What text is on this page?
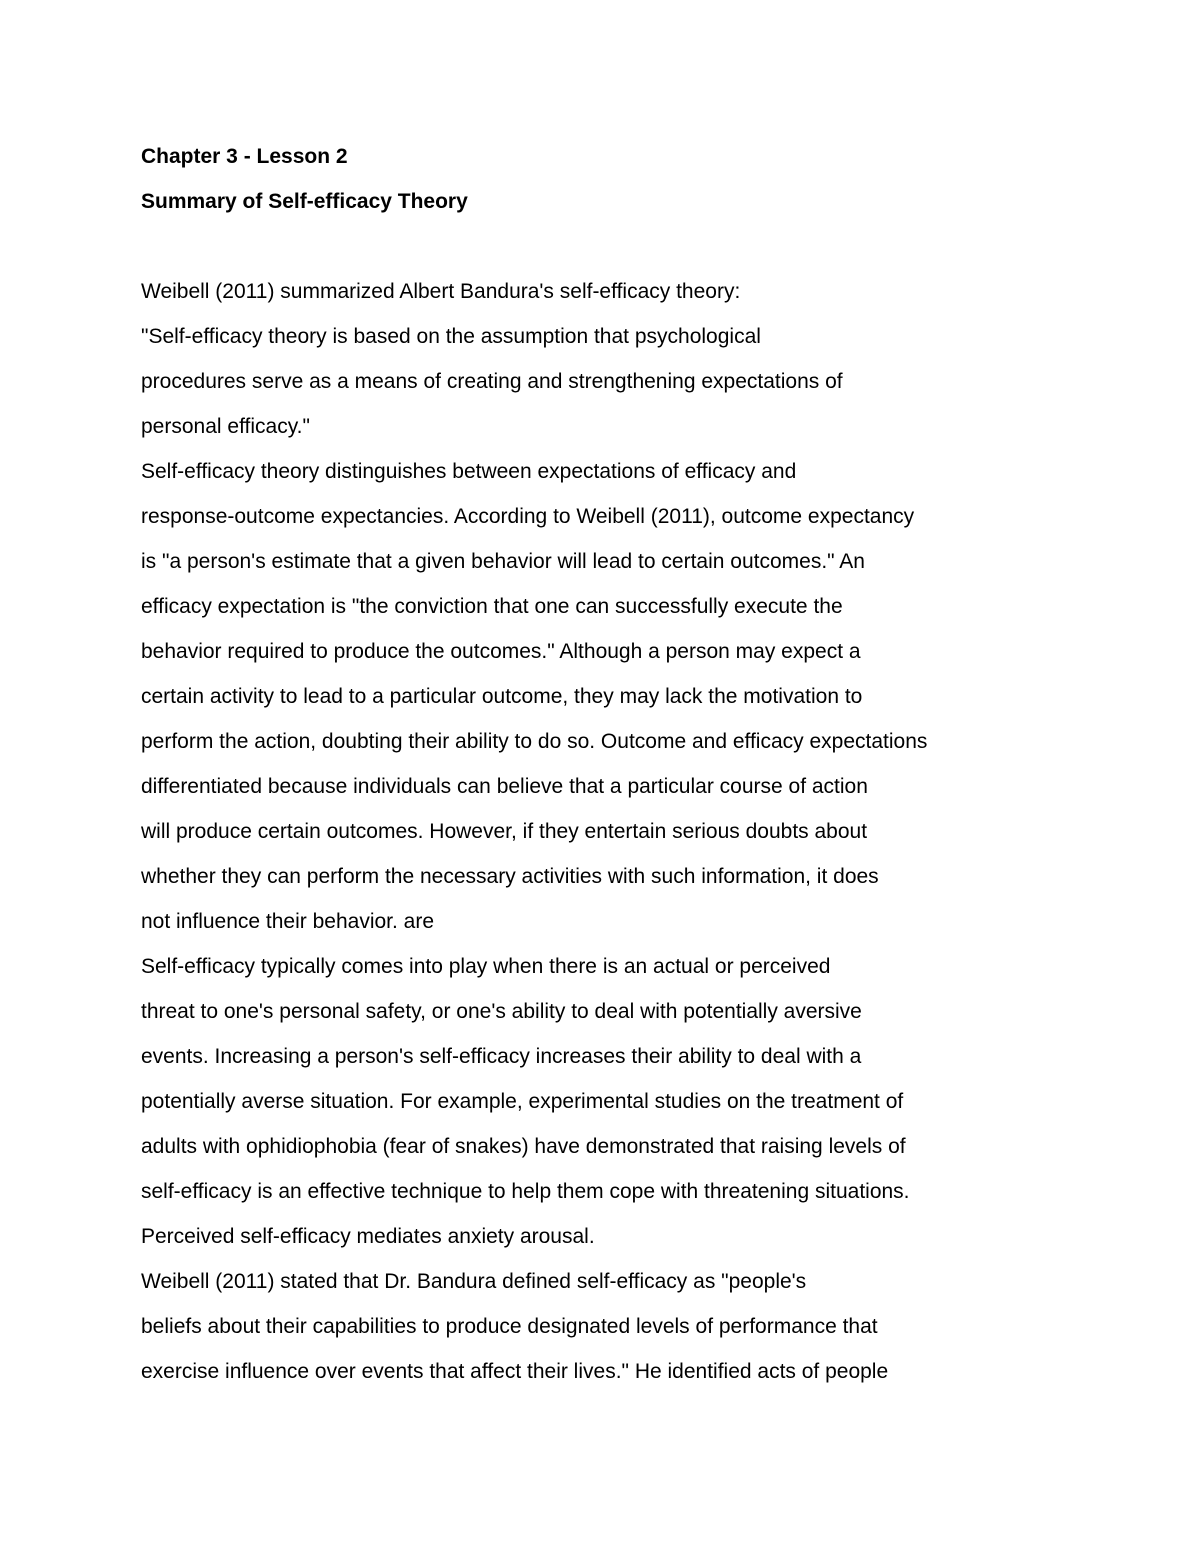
Chapter 3 - Lesson 2
Summary of Self-efficacy Theory

Weibell (2011) summarized Albert Bandura's self-efficacy theory:

"Self-efficacy theory is based on the assumption that psychological

procedures serve as a means of creating and strengthening expectations of

personal efficacy."

Self-efficacy theory distinguishes between expectations of efficacy and

response-outcome expectancies. According to Weibell (2011), outcome expectancy

is "a person's estimate that a given behavior will lead to certain outcomes." An

efficacy expectation is "the conviction that one can successfully execute the

behavior required to produce the outcomes." Although a person may expect a

certain activity to lead to a particular outcome, they may lack the motivation to

perform the action, doubting their ability to do so. Outcome and efficacy expectations

differentiated because individuals can believe that a particular course of action

will produce certain outcomes. However, if they entertain serious doubts about

whether they can perform the necessary activities with such information, it does

not influence their behavior. are

Self-efficacy typically comes into play when there is an actual or perceived

threat to one's personal safety, or one's ability to deal with potentially aversive

events. Increasing a person's self-efficacy increases their ability to deal with a

potentially averse situation. For example, experimental studies on the treatment of

adults with ophidiophobia (fear of snakes) have demonstrated that raising levels of

self-efficacy is an effective technique to help them cope with threatening situations.

Perceived self-efficacy mediates anxiety arousal.

Weibell (2011) stated that Dr. Bandura defined self-efficacy as "people's

beliefs about their capabilities to produce designated levels of performance that

exercise influence over events that affect their lives." He identified acts of people
